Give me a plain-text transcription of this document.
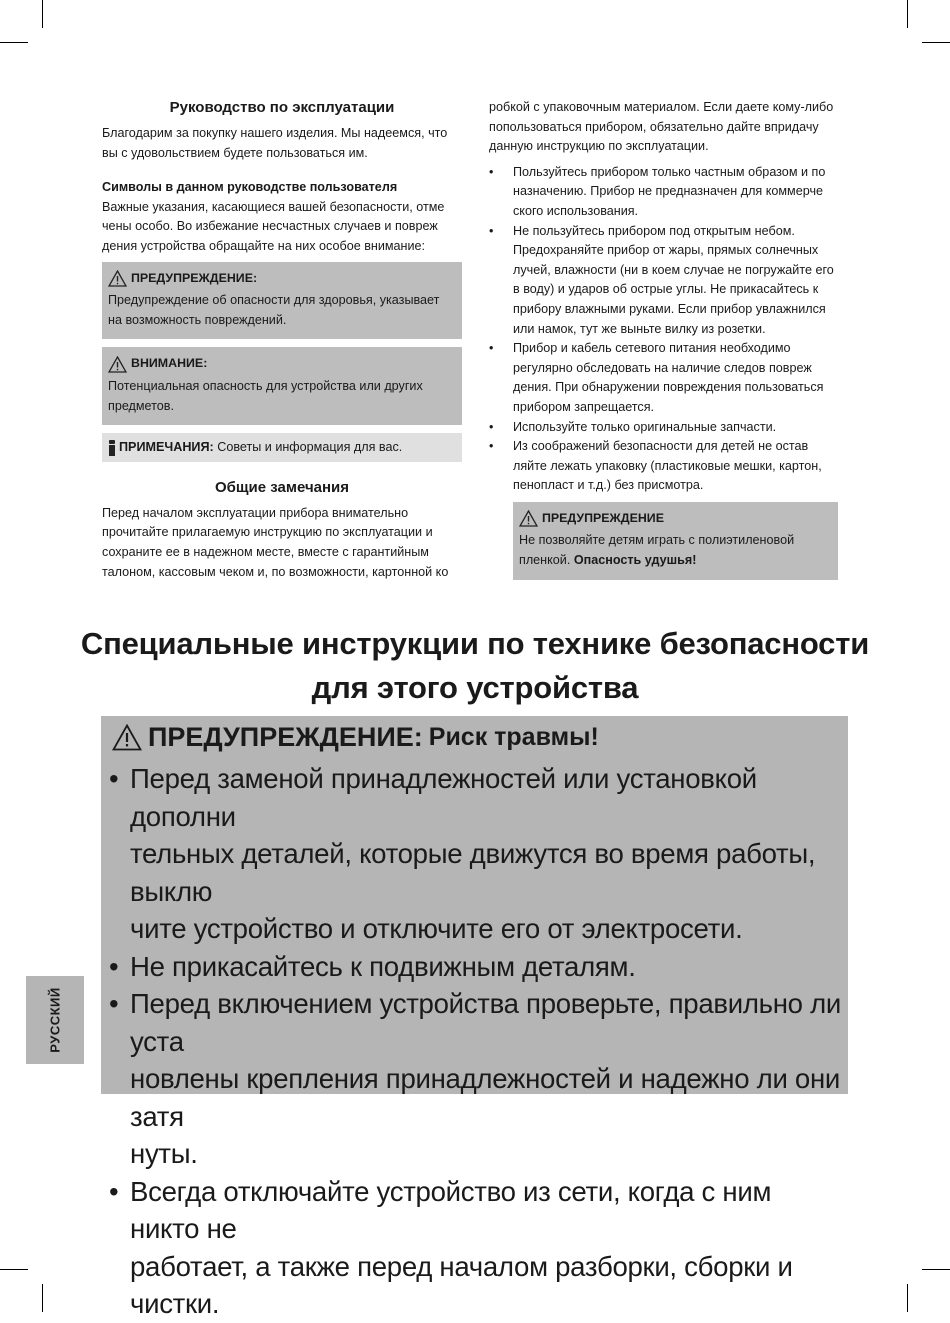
Руководство по эксплуатации
Благодарим за покупку нашего изделия. Мы надеемся, что
вы с удовольствием будете пользоваться им.
Символы в данном руководстве пользователя
Важные указания, касающиеся вашей безопасности, отме
чены особо. Во избежание несчастных случаев и повреж
дения устройства обращайте на них особое внимание:
ПРЕДУПРЕЖДЕНИЕ:
Предупреждение об опасности для здоровья, указывает
на возможность повреждений.
ВНИМАНИЕ:
Потенциальная опасность для устройства или других
предметов.
ПРИМЕЧАНИЯ: Советы и информация для вас.
Общие замечания
Перед началом эксплуатации прибора внимательно
прочитайте прилагаемую инструкцию по эксплуатации и
сохраните ее в надежном месте, вместе с гарантийным
талоном, кассовым чеком и, по возможности, картонной ко
робкой с упаковочным материалом. Если даете кому-либо
попользоваться прибором, обязательно дайте впридачу
данную инструкцию по эксплуатации.
• Пользуйтесь прибором только частным образом и по
назначению. Прибор не предназначен для коммерче
ского использования.
• Не пользуйтесь прибором под открытым небом.
Предохраняйте прибор от жары, прямых солнечных
лучей, влажности (ни в коем случае не погружайте его
в воду) и ударов об острые углы. Не прикасайтесь к
прибору влажными руками. Если прибор увлажнился
или намок, тут же выньте вилку из розетки.
• Прибор и кабель сетевого питания необходимо
регулярно обследовать на наличие следов повреж
дения. При обнаружении повреждения пользоваться
прибором запрещается.
• Используйте только оригинальные запчасти.
• Из соображений безопасности для детей не остав
ляйте лежать упаковку (пластиковые мешки, картон,
пенопласт и т.д.) без присмотра.
ПРЕДУПРЕЖДЕНИЕ
Не позволяйте детям играть с полиэтиленовой
пленкой. Опасность удушья!
Специальные инструкции по технике безопасности
для этого устройства
ПРЕДУПРЕЖДЕНИЕ: Риск травмы!
• Перед заменой принадлежностей или установкой дополни
тельных деталей, которые движутся во время работы, выклю
чите устройство и отключите его от электросети.
• Не прикасайтесь к подвижным деталям.
• Перед включением устройства проверьте, правильно ли уста
новлены крепления принадлежностей и надежно ли они затя
нуты.
• Всегда отключайте устройство из сети, когда с ним никто не
работает, а также перед началом разборки, сборки и чистки.
РУССКИЙ
